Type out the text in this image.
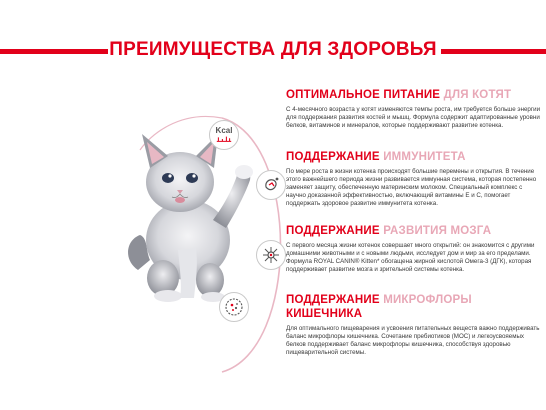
ПРЕИМУЩЕСТВА ДЛЯ ЗДОРОВЬЯ
Kcal
ОПТИМАЛЬНОЕ ПИТАНИЕ ДЛЯ КОТЯТ
С 4-месячного возраста у котят изменяются темпы роста, им требуется больше энергии для поддержания развития костей и мышц. Формула содержит адаптированные уровни белков, витаминов и минералов, которые поддерживают развитие котенка.
ПОДДЕРЖАНИЕ ИММУНИТЕТА
По мере роста в жизни котенка происходят большие перемены и открытия. В течение этого важнейшего периода жизни развивается иммунная система, которая постепенно заменяет защиту, обеспеченную материнским молоком. Специальный комплекс с научно доказанной эффективностью, включающий витамины Е и С, помогает поддержать здоровое развитие иммунитета котенка.
ПОДДЕРЖАНИЕ РАЗВИТИЯ МОЗГА
С первого месяца жизни котенок совершает много открытий: он знакомится с другими домашними животными и с новыми людьми, исследует дом и мир за его пределами. Формула ROYAL CANIN® Kitten* обогащена жирной кислотой Омега-3 (ДГК), которая поддерживает развитие мозга и зрительной системы котенка.
ПОДДЕРЖАНИЕ МИКРОФЛОРЫ
КИШЕЧНИКА
Для оптимального пищеварения и усвоения питательных веществ важно поддерживать баланс микрофлоры кишечника. Сочетание пребиотиков (МОС) и легкоусвояемых белков поддерживает баланс микрофлоры кишечника, способствуя здоровью пищеварительной системы.
